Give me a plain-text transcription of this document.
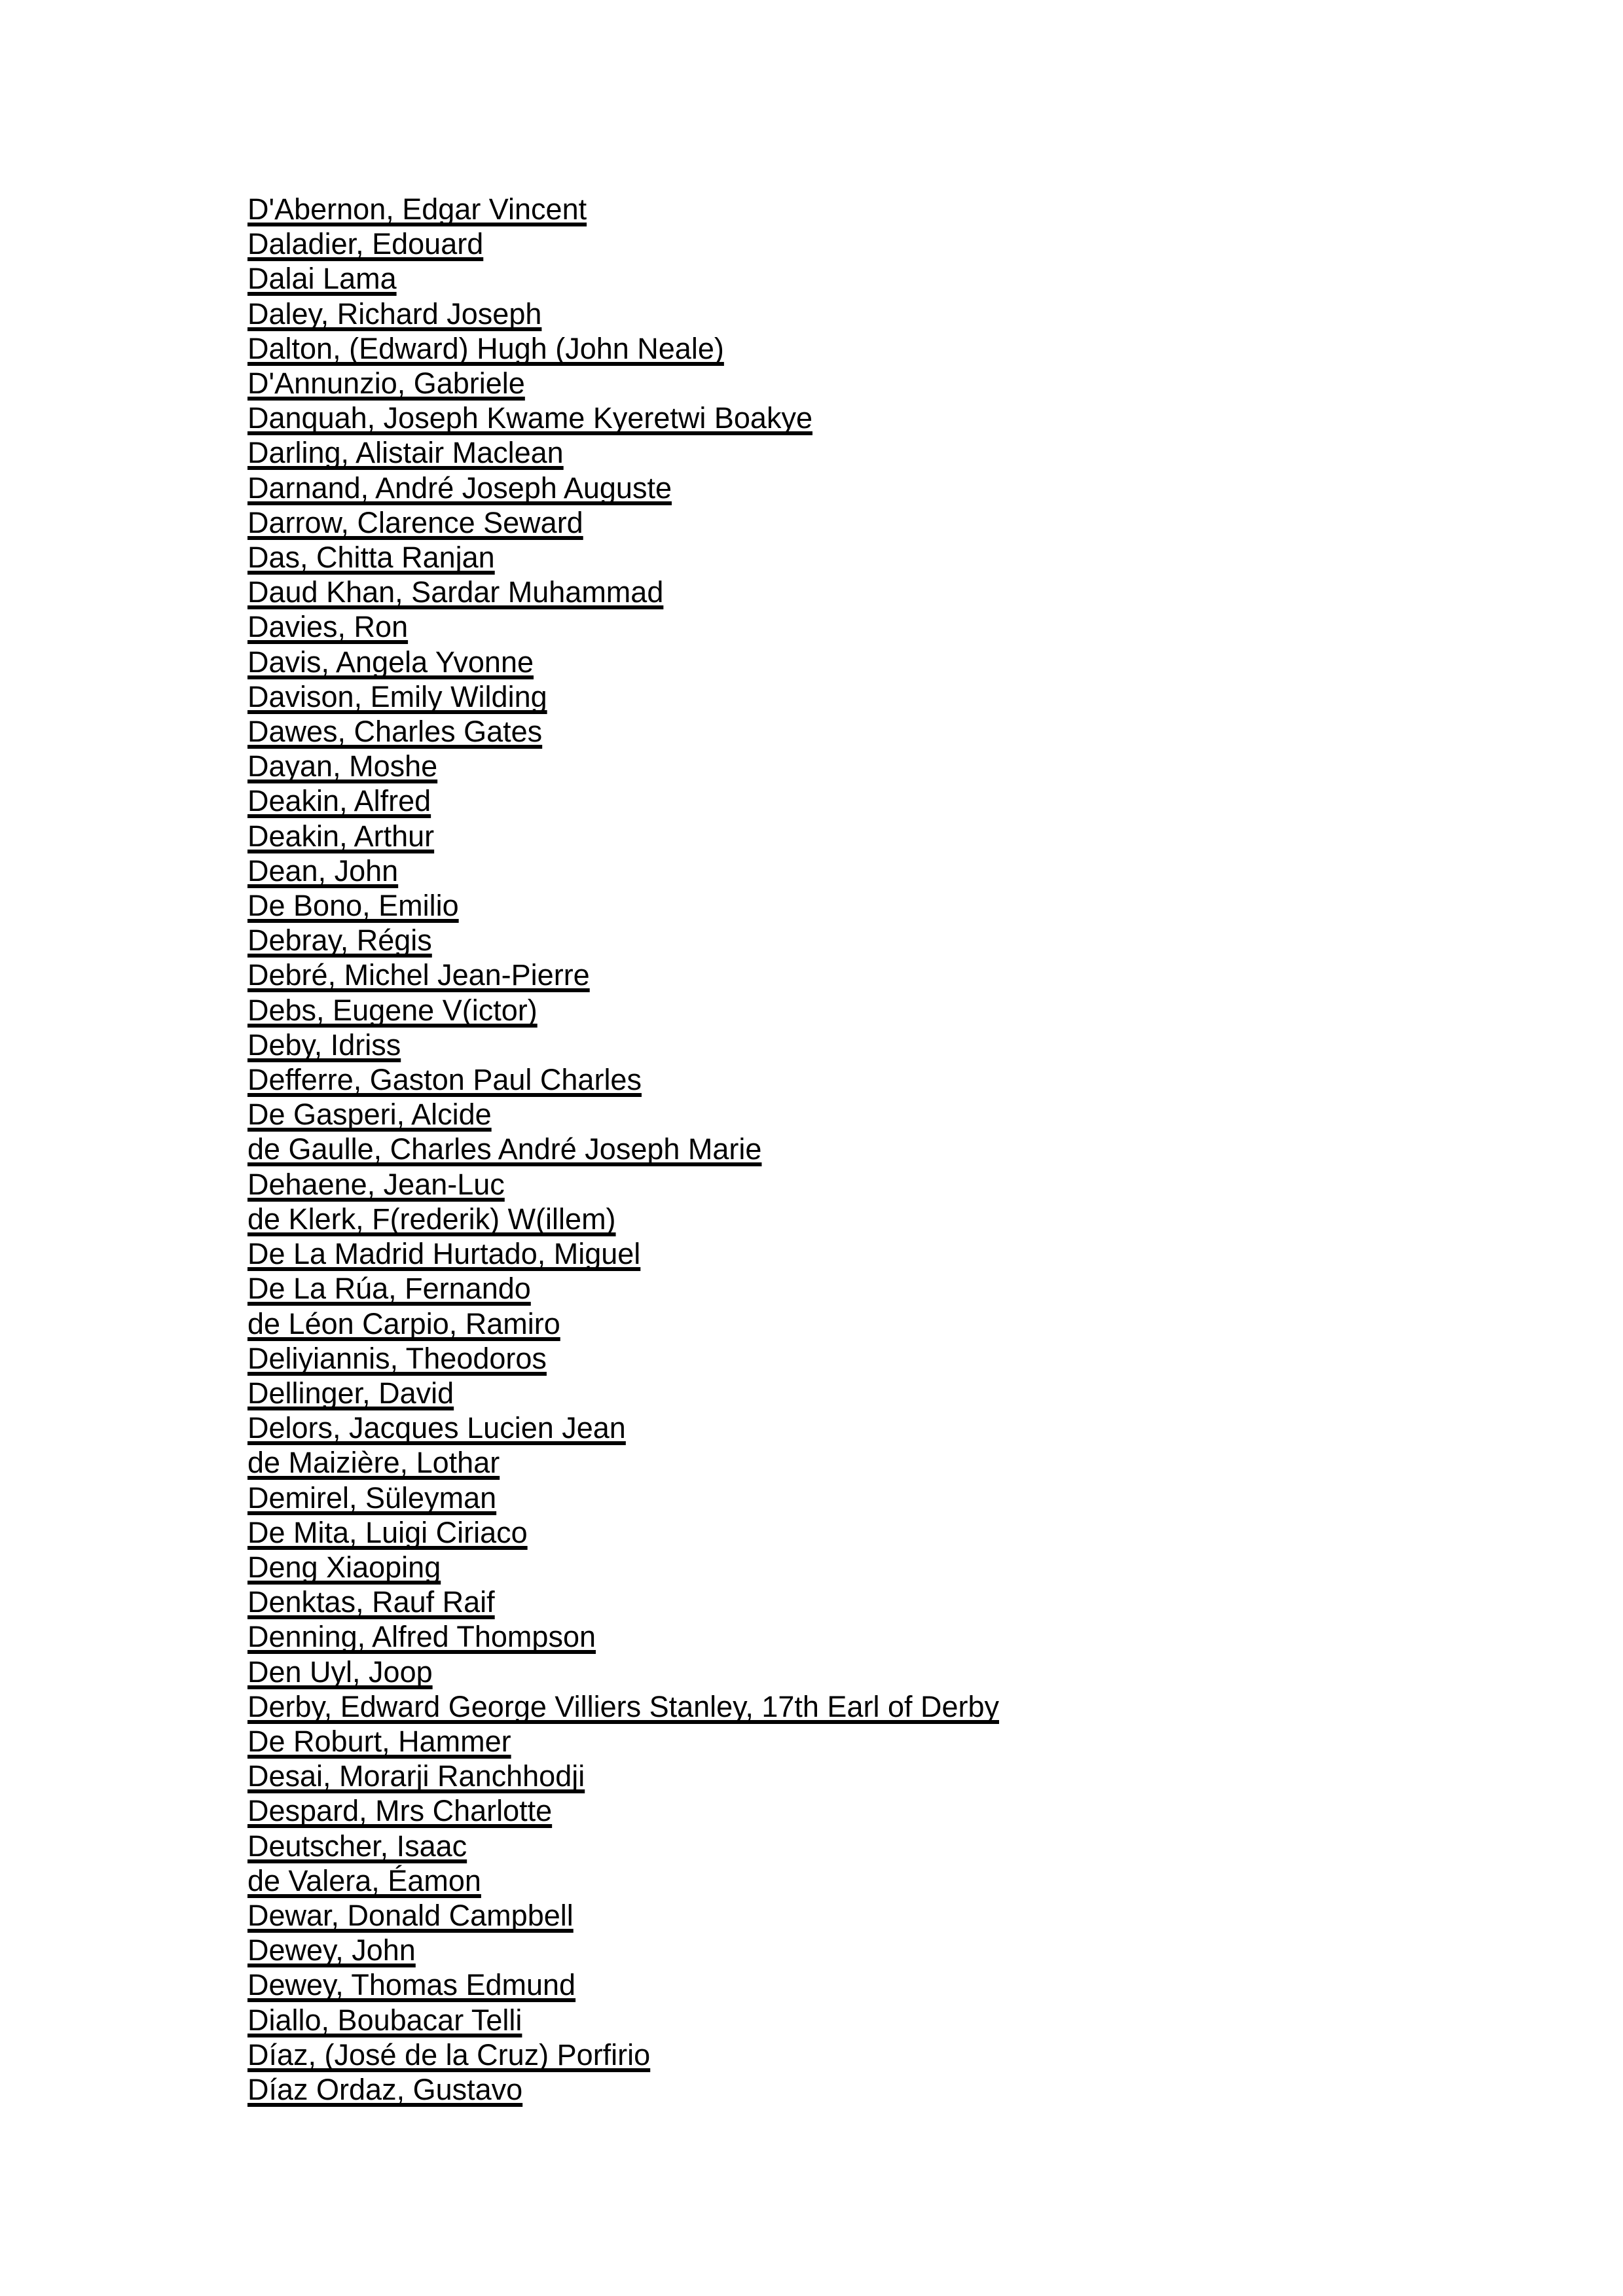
D'Abernon, Edgar Vincent
Daladier, Edouard
Dalai Lama
Daley, Richard Joseph
Dalton, (Edward) Hugh (John Neale)
D'Annunzio, Gabriele
Danquah, Joseph Kwame Kyeretwi Boakye
Darling, Alistair Maclean
Darnand, André Joseph Auguste
Darrow, Clarence Seward
Das, Chitta Ranjan
Daud Khan, Sardar Muhammad
Davies, Ron
Davis, Angela Yvonne
Davison, Emily Wilding
Dawes, Charles Gates
Dayan, Moshe
Deakin, Alfred
Deakin, Arthur
Dean, John
De Bono, Emilio
Debray, Régis
Debré, Michel Jean-Pierre
Debs, Eugene V(ictor)
Deby, Idriss
Defferre, Gaston Paul Charles
De Gasperi, Alcide
de Gaulle, Charles André Joseph Marie
Dehaene, Jean-Luc
de Klerk, F(rederik) W(illem)
De La Madrid Hurtado, Miguel
De La Rúa, Fernando
de Léon Carpio, Ramiro
Deliyiannis, Theodoros
Dellinger, David
Delors, Jacques Lucien Jean
de Maizière, Lothar
Demirel, Süleyman
De Mita, Luigi Ciriaco
Deng Xiaoping
Denktas, Rauf Raif
Denning, Alfred Thompson
Den Uyl, Joop
Derby, Edward George Villiers Stanley, 17th Earl of Derby
De Roburt, Hammer
Desai, Morarji Ranchhodji
Despard, Mrs Charlotte
Deutscher, Isaac
de Valera, Éamon
Dewar, Donald Campbell
Dewey, John
Dewey, Thomas Edmund
Diallo, Boubacar Telli
Díaz, (José de la Cruz) Porfirio
Díaz Ordaz, Gustavo
